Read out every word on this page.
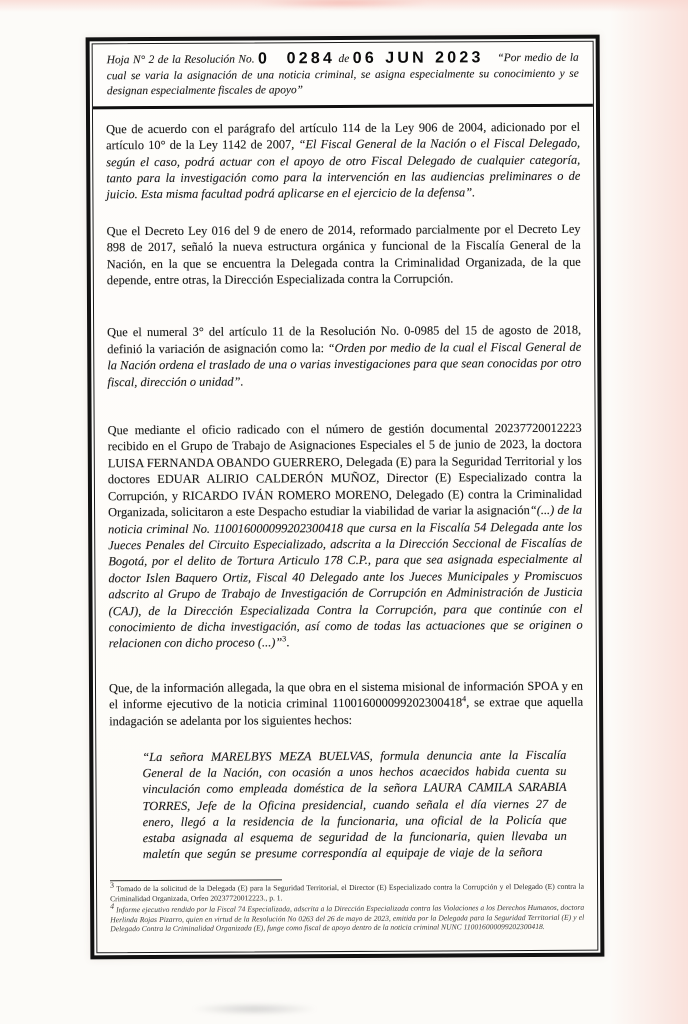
Hoja N° 2 de la Resolución No. 0  0284 de 06 JUN 2023 “Por medio de la cual se varia la asignación de una noticia criminal, se asigna especialmente su conocimiento y se designan especialmente fiscales de apoyo”

Que de acuerdo con el parágrafo del artículo 114 de la Ley 906 de 2004, adicionado por el artículo 10° de la Ley 1142 de 2007, “El Fiscal General de la Nación o el Fiscal Delegado, según el caso, podrá actuar con el apoyo de otro Fiscal Delegado de cualquier categoría, tanto para la investigación como para la intervención en las audiencias preliminares o de juicio. Esta misma facultad podrá aplicarse en el ejercicio de la defensa”.

Que el Decreto Ley 016 del 9 de enero de 2014, reformado parcialmente por el Decreto Ley 898 de 2017, señaló la nueva estructura orgánica y funcional de la Fiscalía General de la Nación, en la que se encuentra la Delegada contra la Criminalidad Organizada, de la que depende, entre otras, la Dirección Especializada contra la Corrupción.

Que el numeral 3° del artículo 11 de la Resolución No. 0-0985 del 15 de agosto de 2018, definió la variación de asignación como la: “Orden por medio de la cual el Fiscal General de la Nación ordena el traslado de una o varias investigaciones para que sean conocidas por otro fiscal, dirección o unidad”.

Que mediante el oficio radicado con el número de gestión documental 20237720012223 recibido en el Grupo de Trabajo de Asignaciones Especiales el 5 de junio de 2023, la doctora LUISA FERNANDA OBANDO GUERRERO, Delegada (E) para la Seguridad Territorial y los doctores EDUAR ALIRIO CALDERÓN MUÑOZ, Director (E) Especializado contra la Corrupción, y RICARDO IVÁN ROMERO MORENO, Delegado (E) contra la Criminalidad Organizada, solicitaron a este Despacho estudiar la viabilidad de variar la asignación“(...) de la noticia criminal No. 110016000099202300418 que cursa en la Fiscalía 54 Delegada ante los Jueces Penales del Circuito Especializado, adscrita a la Dirección Seccional de Fiscalías de Bogotá, por el delito de Tortura Articulo 178 C.P., para que sea asignada especialmente al doctor Islen Baquero Ortiz, Fiscal 40 Delegado ante los Jueces Municipales y Promiscuos adscrito al Grupo de Trabajo de Investigación de Corrupción en Administración de Justicia (CAJ), de la Dirección Especializada Contra la Corrupción, para que continúe con el conocimiento de dicha investigación, así como de todas las actuaciones que se originen o relacionen con dicho proceso (...)”$^3$.

Que, de la información allegada, la que obra en el sistema misional de información SPOA y en el informe ejecutivo de la noticia criminal 110016000099202300418$^4$, se extrae que aquella indagación se adelanta por los siguientes hechos:

“La señora MARELBYS MEZA BUELVAS, formula denuncia ante la Fiscalía General de la Nación, con ocasión a unos hechos acaecidos habida cuenta su vinculación como empleada doméstica de la señora LAURA CAMILA SARABIA TORRES, Jefe de la Oficina presidencial, cuando señala el día viernes 27 de enero, llegó a la residencia de la funcionaria, una oficial de la Policía que estaba asignada al esquema de seguridad de la funcionaria, quien llevaba un maletín que según se presume correspondía al equipaje de viaje de la señora

$^3$ Tomado de la solicitud de la Delegada (E) para la Seguridad Territorial, el Director (E) Especializado contra la Corrupción y el Delegado (E) contra la Criminalidad Organizada, Orfeo 20237720012223., p. 1.

$^4$ Informe ejecutivo rendido por la Fiscal 74 Especializada, adscrita a la Dirección Especializada contra las Violaciones a los Derechos Humanos, doctora Herlinda Rojas Pizarro, quien en virtud de la Resolución No 0263 del 26 de mayo de 2023, emitida por la Delegada para la Seguridad Territorial (E) y el Delegado Contra la Criminalidad Organizada (E), funge como fiscal de apoyo dentro de la noticia criminal NUNC 110016000099202300418.
